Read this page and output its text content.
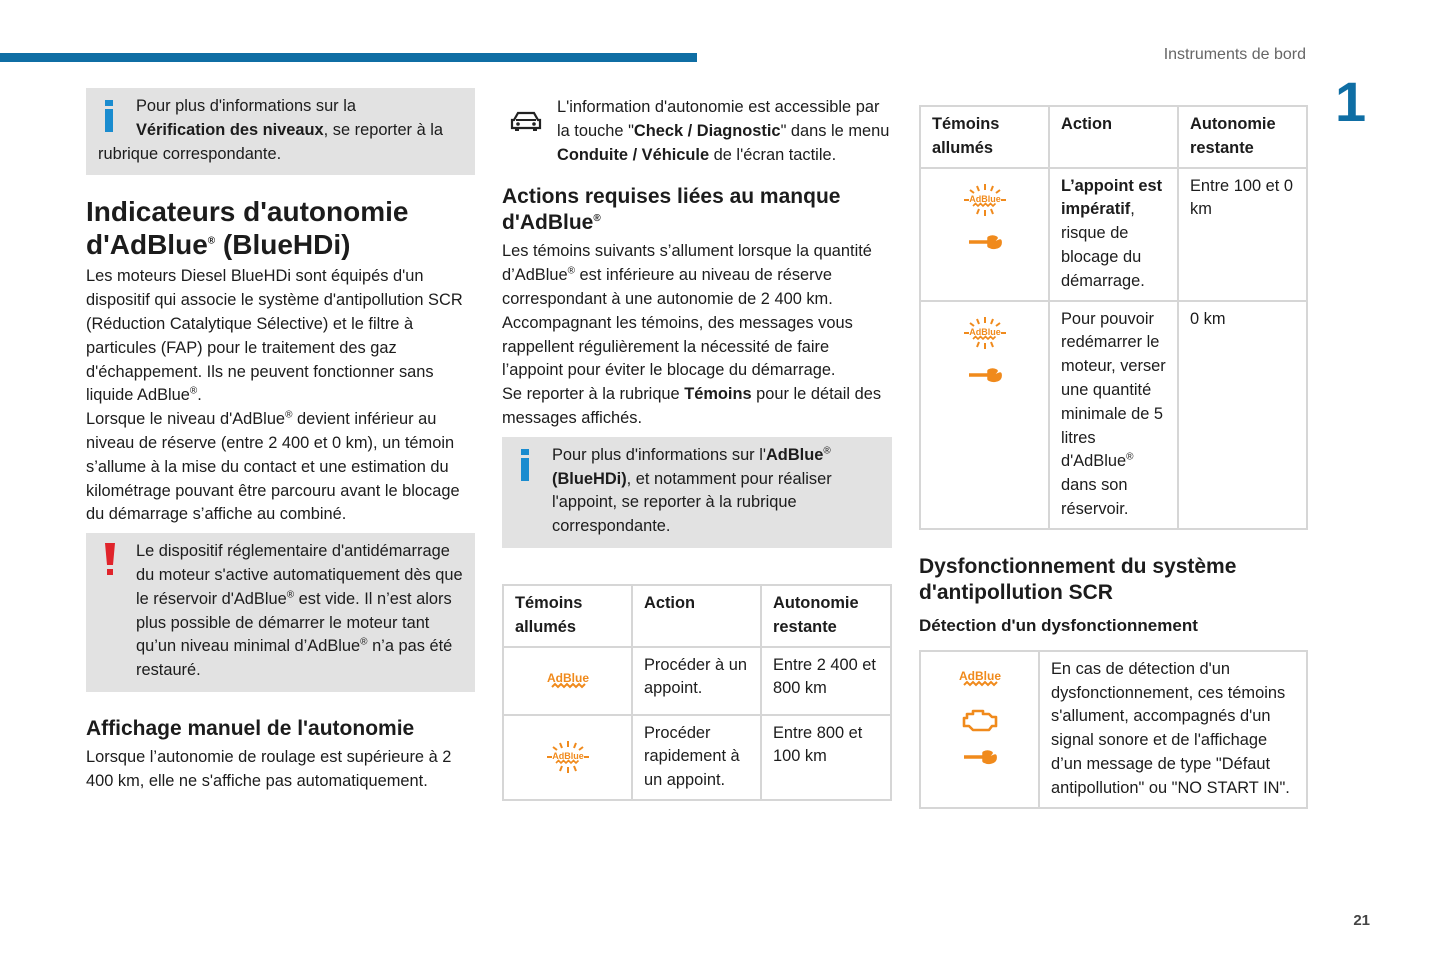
Instruments de bord
1
21
Pour plus d'informations sur la
Vérification des niveaux, se reporter à la rubrique correspondante.
Indicateurs d'autonomie d'AdBlue® (BlueHDi)

Les moteurs Diesel BlueHDi sont équipés d'un dispositif qui associe le système d'antipollution SCR (Réduction Catalytique Sélective) et le filtre à particules (FAP) pour le traitement des gaz d'échappement. Ils ne peuvent fonctionner sans liquide AdBlue®.

Lorsque le niveau d'AdBlue® devient inférieur au niveau de réserve (entre 2 400 et 0 km), un témoin s’allume à la mise du contact et une estimation du kilométrage pouvant être parcouru avant le blocage du démarrage s’affiche au combiné.

Le dispositif réglementaire d'antidémarrage du moteur s'active automatiquement dès que le réservoir d'AdBlue® est vide. Il n’est alors plus possible de démarrer le moteur tant qu’un niveau minimal d’AdBlue® n’a pas été restauré.
Affichage manuel de l'autonomie

Lorsque l’autonomie de roulage est supérieure à 2 400 km, elle ne s'affiche pas automatiquement.

L'information d'autonomie est accessible par la touche "Check / Diagnostic" dans le menu Conduite / Véhicule de l'écran tactile.

Actions requises liées au manque d'AdBlue®

Les témoins suivants s’allument lorsque la quantité d’AdBlue® est inférieure au niveau de réserve correspondant à une autonomie de 2 400 km.

Accompagnant les témoins, des messages vous rappellent régulièrement la nécessité de faire l’appoint pour éviter le blocage du démarrage.

Se reporter à la rubrique Témoins pour le détail des messages affichés.

Pour plus d'informations sur l'AdBlue®
(BlueHDi), et notamment pour réaliser l'appoint, se reporter à la rubrique correspondante.
Témoins allumés	Action	Autonomie restante

AdBlue	Procéder à un appoint.	Entre 2 400 et 800 km

AdBlue	Procéder rapidement à un appoint.	Entre 800 et 100 km
Témoins allumés	Action	Autonomie restante

AdBlue	L’appoint est impératif, risque de blocage du démarrage.	Entre 100 et 0 km

AdBlue	Pour pouvoir redémarrer le moteur, verser une quantité minimale de 5 litres d'AdBlue® dans son réservoir.	0 km
Dysfonctionnement du système d'antipollution SCR
Détection d'un dysfonctionnement
AdBlue	En cas de détection d'un dysfonctionnement, ces témoins s'allument, accompagnés d'un signal sonore et de l'affichage d’un message de type "Défaut antipollution" ou "NO START IN".
